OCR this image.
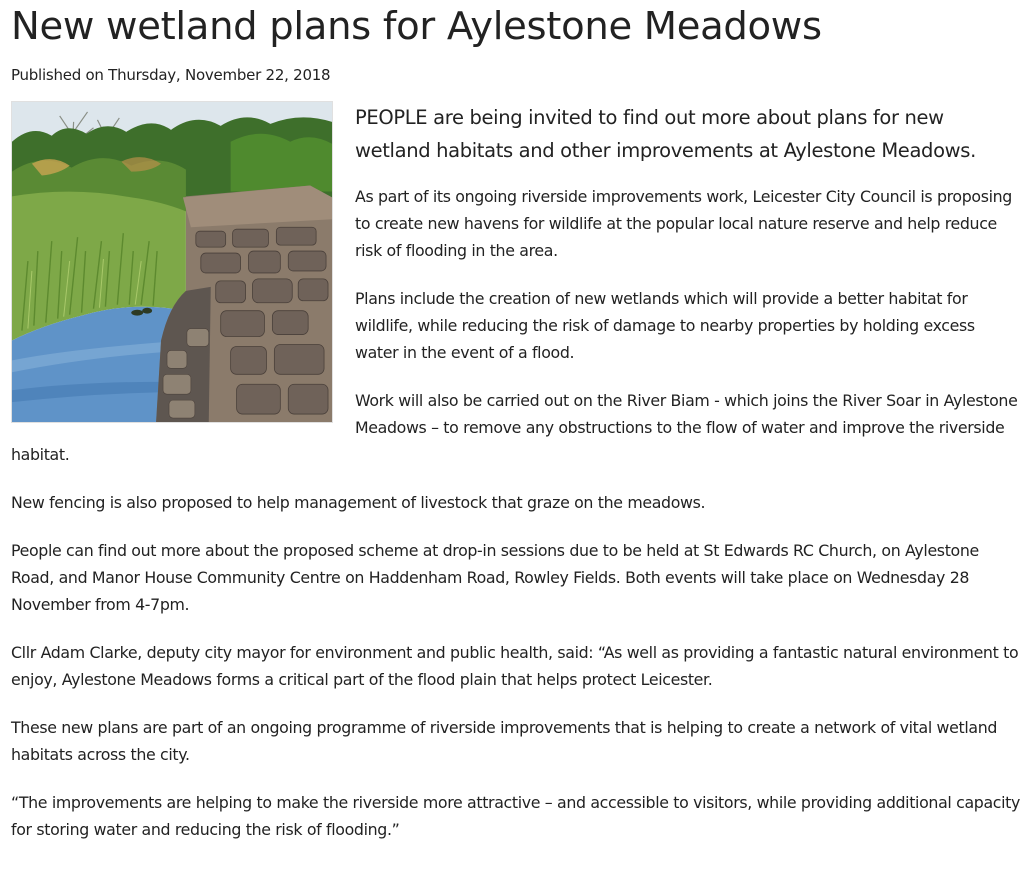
New wetland plans for Aylestone Meadows

Published on Thursday, November 22, 2018

PEOPLE are being invited to find out more about plans for new wetland habitats and other improvements at Aylestone Meadows.

As part of its ongoing riverside improvements work, Leicester City Council is proposing to create new havens for wildlife at the popular local nature reserve and help reduce risk of flooding in the area.

Plans include the creation of new wetlands which will provide a better habitat for wildlife, while reducing the risk of damage to nearby properties by holding excess water in the event of a flood.

Work will also be carried out on the River Biam - which joins the River Soar in Aylestone Meadows – to remove any obstructions to the flow of water and improve the riverside habitat.

New fencing is also proposed to help management of livestock that graze on the meadows.

People can find out more about the proposed scheme at drop-in sessions due to be held at St Edwards RC Church, on Aylestone Road, and Manor House Community Centre on Haddenham Road, Rowley Fields. Both events will take place on Wednesday 28 November from 4-7pm.

Cllr Adam Clarke, deputy city mayor for environment and public health, said: “As well as providing a fantastic natural environment to enjoy, Aylestone Meadows forms a critical part of the flood plain that helps protect Leicester.

These new plans are part of an ongoing programme of riverside improvements that is helping to create a network of vital wetland habitats across the city.

“The improvements are helping to make the riverside more attractive – and accessible to visitors, while providing additional capacity for storing water and reducing the risk of flooding.”
